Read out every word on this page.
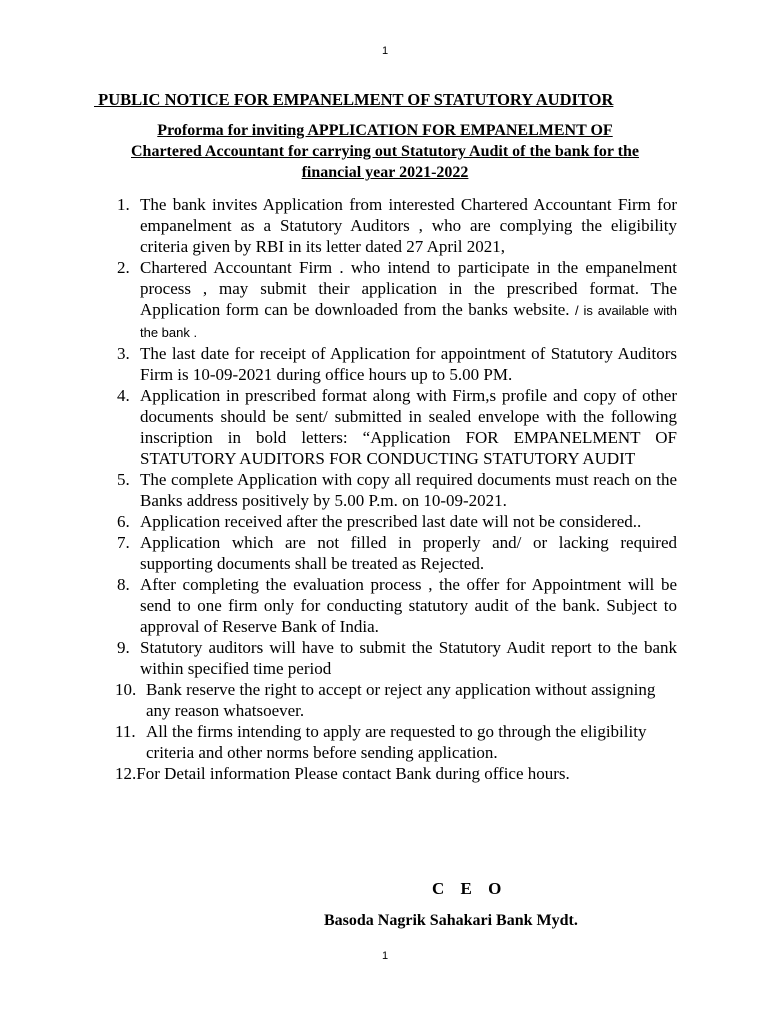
1
PUBLIC NOTICE FOR EMPANELMENT OF STATUTORY AUDITOR
Proforma for inviting APPLICATION FOR EMPANELMENT OF
Chartered Accountant for carrying out Statutory Audit of the bank for the
financial year 2021-2022
1. The bank invites Application from interested Chartered Accountant Firm for empanelment as a Statutory Auditors , who are complying the eligibility criteria given by RBI in its letter dated 27 April 2021,
2. Chartered Accountant Firm . who intend to participate in the empanelment process , may submit their application in the prescribed format. The Application form can be downloaded from the banks website. / is available with the bank .
3. The last date for receipt of Application for appointment of Statutory Auditors Firm is 10-09-2021 during office hours up to 5.00 PM.
4. Application in prescribed format along with Firm,s profile and copy of other documents should be sent/ submitted in sealed envelope with the following inscription in bold letters: “Application FOR EMPANELMENT OF STATUTORY AUDITORS FOR CONDUCTING STATUTORY AUDIT
5. The complete Application with copy all required documents must reach on the Banks address positively by 5.00 P.m. on 10-09-2021.
6. Application received after the prescribed last date will not be considered..
7. Application which are not filled in properly and/ or lacking required supporting documents shall be treated as Rejected.
8. After completing the evaluation process , the offer for Appointment will be send to one firm only for conducting statutory audit of the bank. Subject to approval of Reserve Bank of India.
9. Statutory auditors will have to submit the Statutory Audit report to the bank within specified time period
10. Bank reserve the right to accept or reject any application without assigning any reason whatsoever.
11. All the firms intending to apply are requested to go through the eligibility criteria and other norms before sending application.
12.For Detail information Please contact Bank during office hours.
C E O
Basoda Nagrik Sahakari Bank Mydt.
1
